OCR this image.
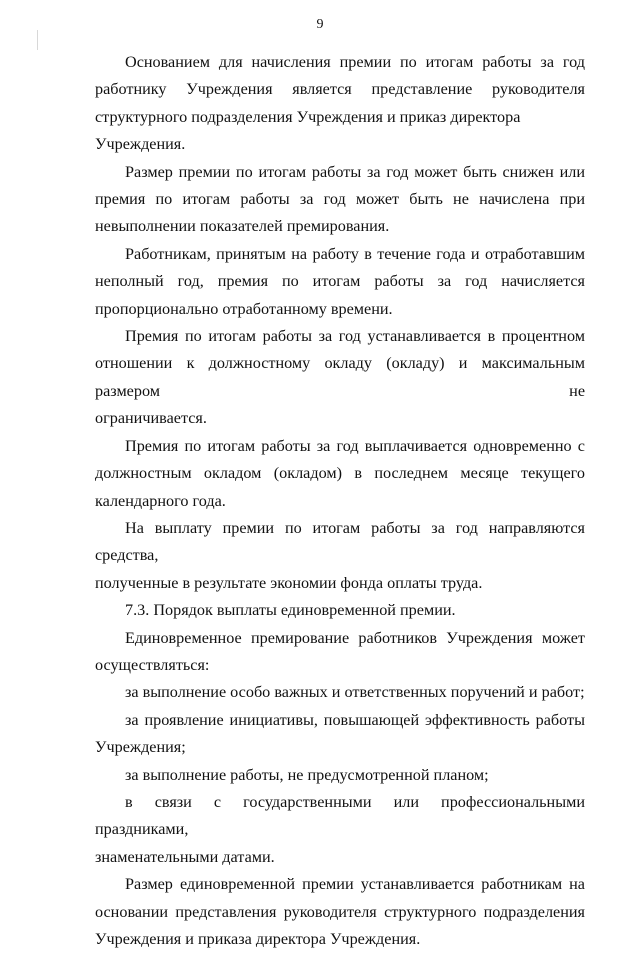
9
Основанием для начисления премии по итогам работы за год
работнику Учреждения является представление руководителя
структурного подразделения Учреждения и приказ директора Учреждения.
Размер премии по итогам работы за год может быть снижен или
премия по итогам работы за год может быть не начислена при
невыполнении показателей премирования.
Работникам, принятым на работу в течение года и отработавшим
неполный год, премия по итогам работы за год начисляется
пропорционально отработанному времени.
Премия по итогам работы за год устанавливается в процентном
отношении к должностному окладу (окладу) и максимальным размером не
ограничивается.
Премия по итогам работы за год выплачивается одновременно с
должностным окладом (окладом) в последнем месяце текущего
календарного года.
На выплату премии по итогам работы за год направляются средства,
полученные в результате экономии фонда оплаты труда.
7.3. Порядок выплаты единовременной премии.
Единовременное премирование работников Учреждения может
осуществляться:
за выполнение особо важных и ответственных поручений и работ;
за проявление инициативы, повышающей эффективность работы
Учреждения;
за выполнение работы, не предусмотренной планом;
в связи с государственными или профессиональными праздниками,
знаменательными датами.
Размер единовременной премии устанавливается работникам на
основании представления руководителя структурного подразделения
Учреждения и приказа директора Учреждения.
